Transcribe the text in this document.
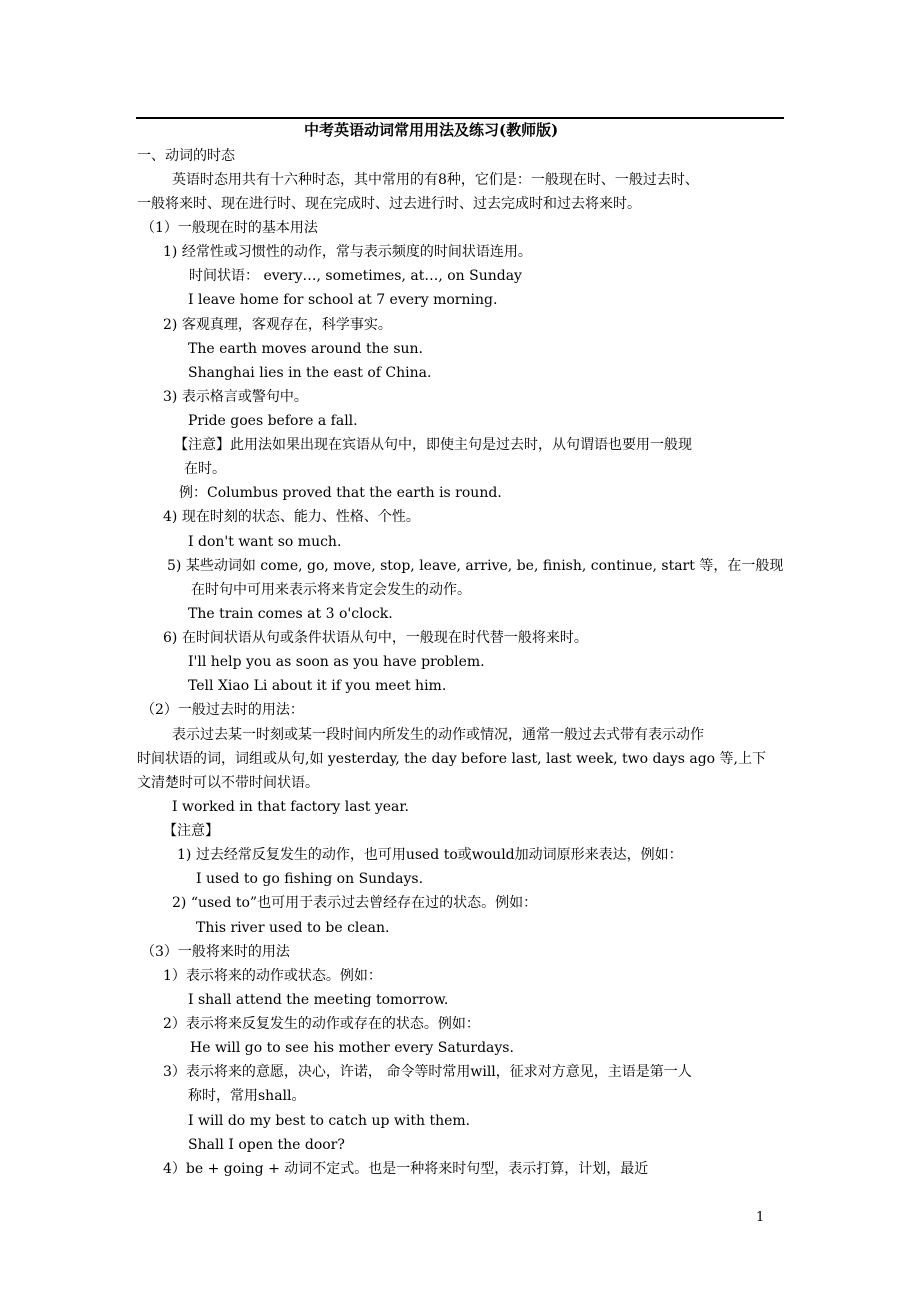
中考英语动词常用用法及练习(教师版)
一、动词的时态
英语时态用共有十六种时态，其中常用的有8种，它们是：一般现在时、一般过去时、
一般将来时、现在进行时、现在完成时、过去进行时、过去完成时和过去将来时。
（1）一般现在时的基本用法
1) 经常性或习惯性的动作，常与表示频度的时间状语连用。
时间状语： every…, sometimes, at…, on Sunday
I leave home for school at 7 every morning.
2) 客观真理，客观存在，科学事实。
The earth moves around the sun.
Shanghai lies in the east of China.
3) 表示格言或警句中。
Pride goes before a fall.
【注意】此用法如果出现在宾语从句中，即使主句是过去时，从句谓语也要用一般现
在时。
例：Columbus proved that the earth is round.
4) 现在时刻的状态、能力、性格、个性。
I don't want so much.
5) 某些动词如 come, go, move, stop, leave, arrive, be, finish, continue, start 等，在一般现
在时句中可用来表示将来肯定会发生的动作。
The train comes at 3 o'clock.
6) 在时间状语从句或条件状语从句中，一般现在时代替一般将来时。
I'll help you as soon as you have problem.
Tell Xiao Li about it if you meet him.
（2）一般过去时的用法：
表示过去某一时刻或某一段时间内所发生的动作或情况，通常一般过去式带有表示动作
时间状语的词，词组或从句,如 yesterday, the day before last, last week, two days ago 等,上下
文清楚时可以不带时间状语。
I worked in that factory last year.
【注意】
1) 过去经常反复发生的动作，也可用used to或would加动词原形来表达，例如：
I used to go fishing on Sundays.
2) “used to”也可用于表示过去曾经存在过的状态。例如：
This river used to be clean.
（3）一般将来时的用法
1）表示将来的动作或状态。例如：
I shall attend the meeting tomorrow.
2）表示将来反复发生的动作或存在的状态。例如：
He will go to see his mother every Saturdays.
3）表示将来的意愿，决心，许诺， 命令等时常用will，征求对方意见，主语是第一人
称时，常用shall。
I will do my best to catch up with them.
Shall I open the door?
4）be + going + 动词不定式。也是一种将来时句型，表示打算，计划，最近
1
